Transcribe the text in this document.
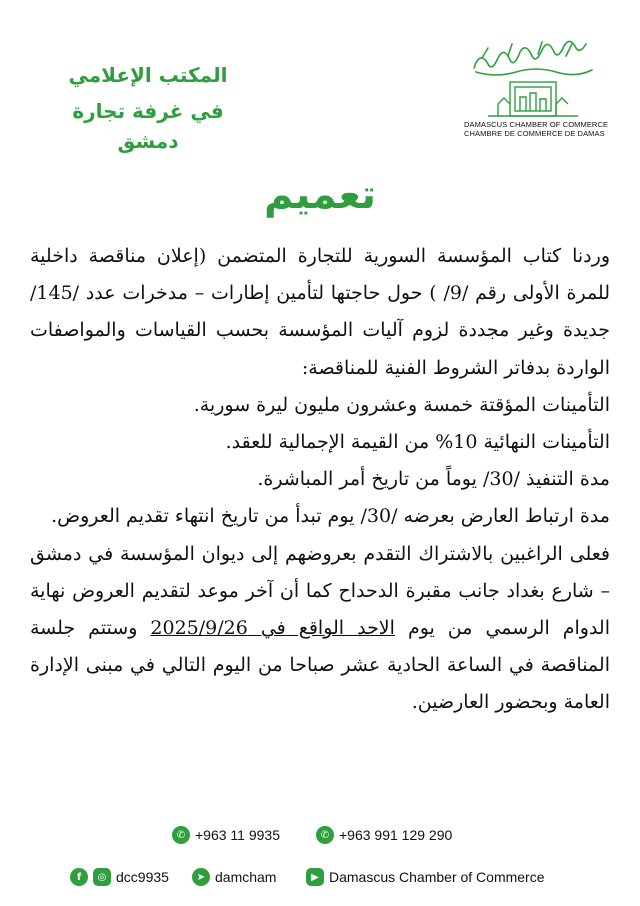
المكتب الإعلامي
في غرفة تجارة دمشق
DAMASCUS CHAMBER OF COMMERCE
CHAMBRE DE COMMERCE DE DAMAS
تعميم

وردنا كتاب المؤسسة السورية للتجارة المتضمن (إعلان مناقصة داخلية للمرة الأولى رقم /9/ ) حول حاجتها لتأمين إطارات – مدخرات عدد /145/ جديدة وغير مجددة لزوم آليات المؤسسة بحسب القياسات والمواصفات الواردة بدفاتر الشروط الفنية للمناقصة:

التأمينات المؤقتة خمسة وعشرون مليون ليرة سورية.

التأمينات النهائية 10% من القيمة الإجمالية للعقد.

مدة التنفيذ /30/ يوماً من تاريخ أمر المباشرة.

مدة ارتباط العارض بعرضه /30/ يوم تبدأ من تاريخ انتهاء تقديم العروض.

فعلى الراغبين بالاشتراك التقدم بعروضهم إلى ديوان المؤسسة في دمشق – شارع بغداد جانب مقبرة الدحداح كما أن آخر موعد لتقديم العروض نهاية الدوام الرسمي من يوم الاحد الواقع في 2025/9/26 وستتم جلسة المناقصة في الساعة الحادية عشر صباحا من اليوم التالي في مبنى الإدارة العامة وبحضور العارضين.

✆ +963 11 9935	✆ +963 991 129 290
f	◎ dcc9935	➤ damcham	▶ Damascus Chamber of Commerce
